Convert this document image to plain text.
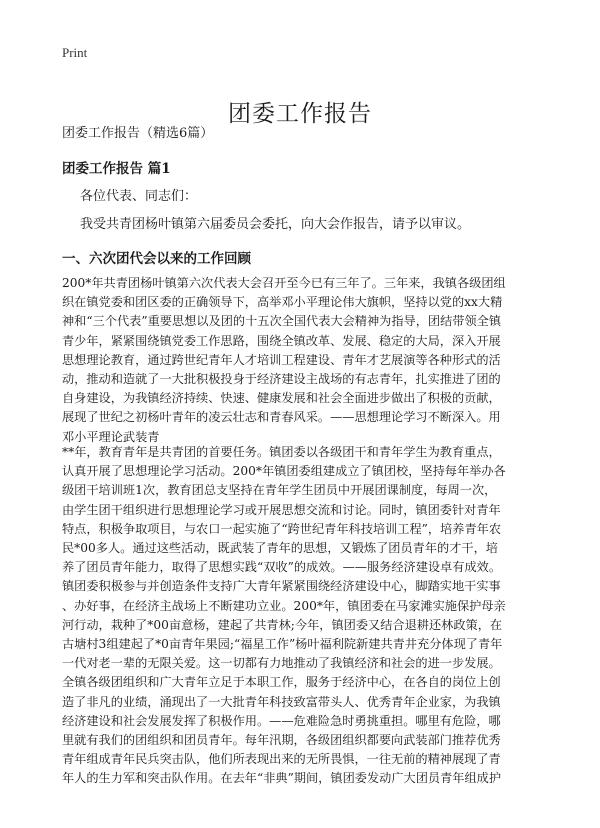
Print
团委工作报告
团委工作报告（精选6篇）
团委工作报告 篇1
各位代表、同志们：
我受共青团杨叶镇第六届委员会委托，向大会作报告，请予以审议。
一、六次团代会以来的工作回顾
200*年共青团杨叶镇第六次代表大会召开至今已有三年了。三年来，我镇各级团组
织在镇党委和团区委的正确领导下，高举邓小平理论伟大旗帜，坚持以党的xx大精
神和“三个代表”重要思想以及团的十五次全国代表大会精神为指导，团结带领全镇
青少年，紧紧围绕镇党委工作思路，围绕全镇改革、发展、稳定的大局，深入开展
思想理论教育，通过跨世纪青年人才培训工程建设、青年才艺展演等各种形式的活
动，推动和造就了一大批积极投身于经济建设主战场的有志青年，扎实推进了团的
自身建设，为我镇经济持续、快速、健康发展和社会全面进步做出了积极的贡献，
展现了世纪之初杨叶青年的凌云壮志和青春风采。——思想理论学习不断深入。用
邓小平理论武装青
**年，教育青年是共青团的首要任务。镇团委以各级团干和青年学生为教育重点，
认真开展了思想理论学习活动。200*年镇团委组建成立了镇团校，坚持每年举办各
级团干培训班1次，教育团总支坚持在青年学生团员中开展团课制度，每周一次，
由学生团干组织进行思想理论学习或开展思想交流和讨论。同时，镇团委针对青年
特点，积极争取项目，与农口一起实施了“跨世纪青年科技培训工程”，培养青年农
民*00多人。通过这些活动，既武装了青年的思想，又锻炼了团员青年的才干，培
养了团员青年能力，取得了思想实践“双收”的成效。——服务经济建设卓有成效。
镇团委积极参与并创造条件支持广大青年紧紧围绕经济建设中心，脚踏实地干实事
、办好事，在经济主战场上不断建功立业。200*年，镇团委在马家滩实施保护母亲
河行动，栽种了*00亩意杨，建起了共青林;今年，镇团委又结合退耕还林政策，在
古塘村3组建起了*0亩青年果园;“福星工作”杨叶福利院新建共青井充分体现了青年
一代对老一辈的无限关爱。这一切都有力地推动了我镇经济和社会的进一步发展。
全镇各级团组织和广大青年立足于本职工作，服务于经济中心，在各自的岗位上创
造了非凡的业绩，涌现出了一大批青年科技致富带头人、优秀青年企业家，为我镇
经济建设和社会发展发挥了积极作用。——危难险急时勇挑重担。哪里有危险，哪
里就有我们的团组织和团员青年。每年汛期，各级团组织都要向武装部门推荐优秀
青年组成青年民兵突击队，他们所表现出来的无所畏惧，一往无前的精神展现了青
年人的生力军和突击队作用。在去年“非典”期间，镇团委发动广大团员青年组成护
